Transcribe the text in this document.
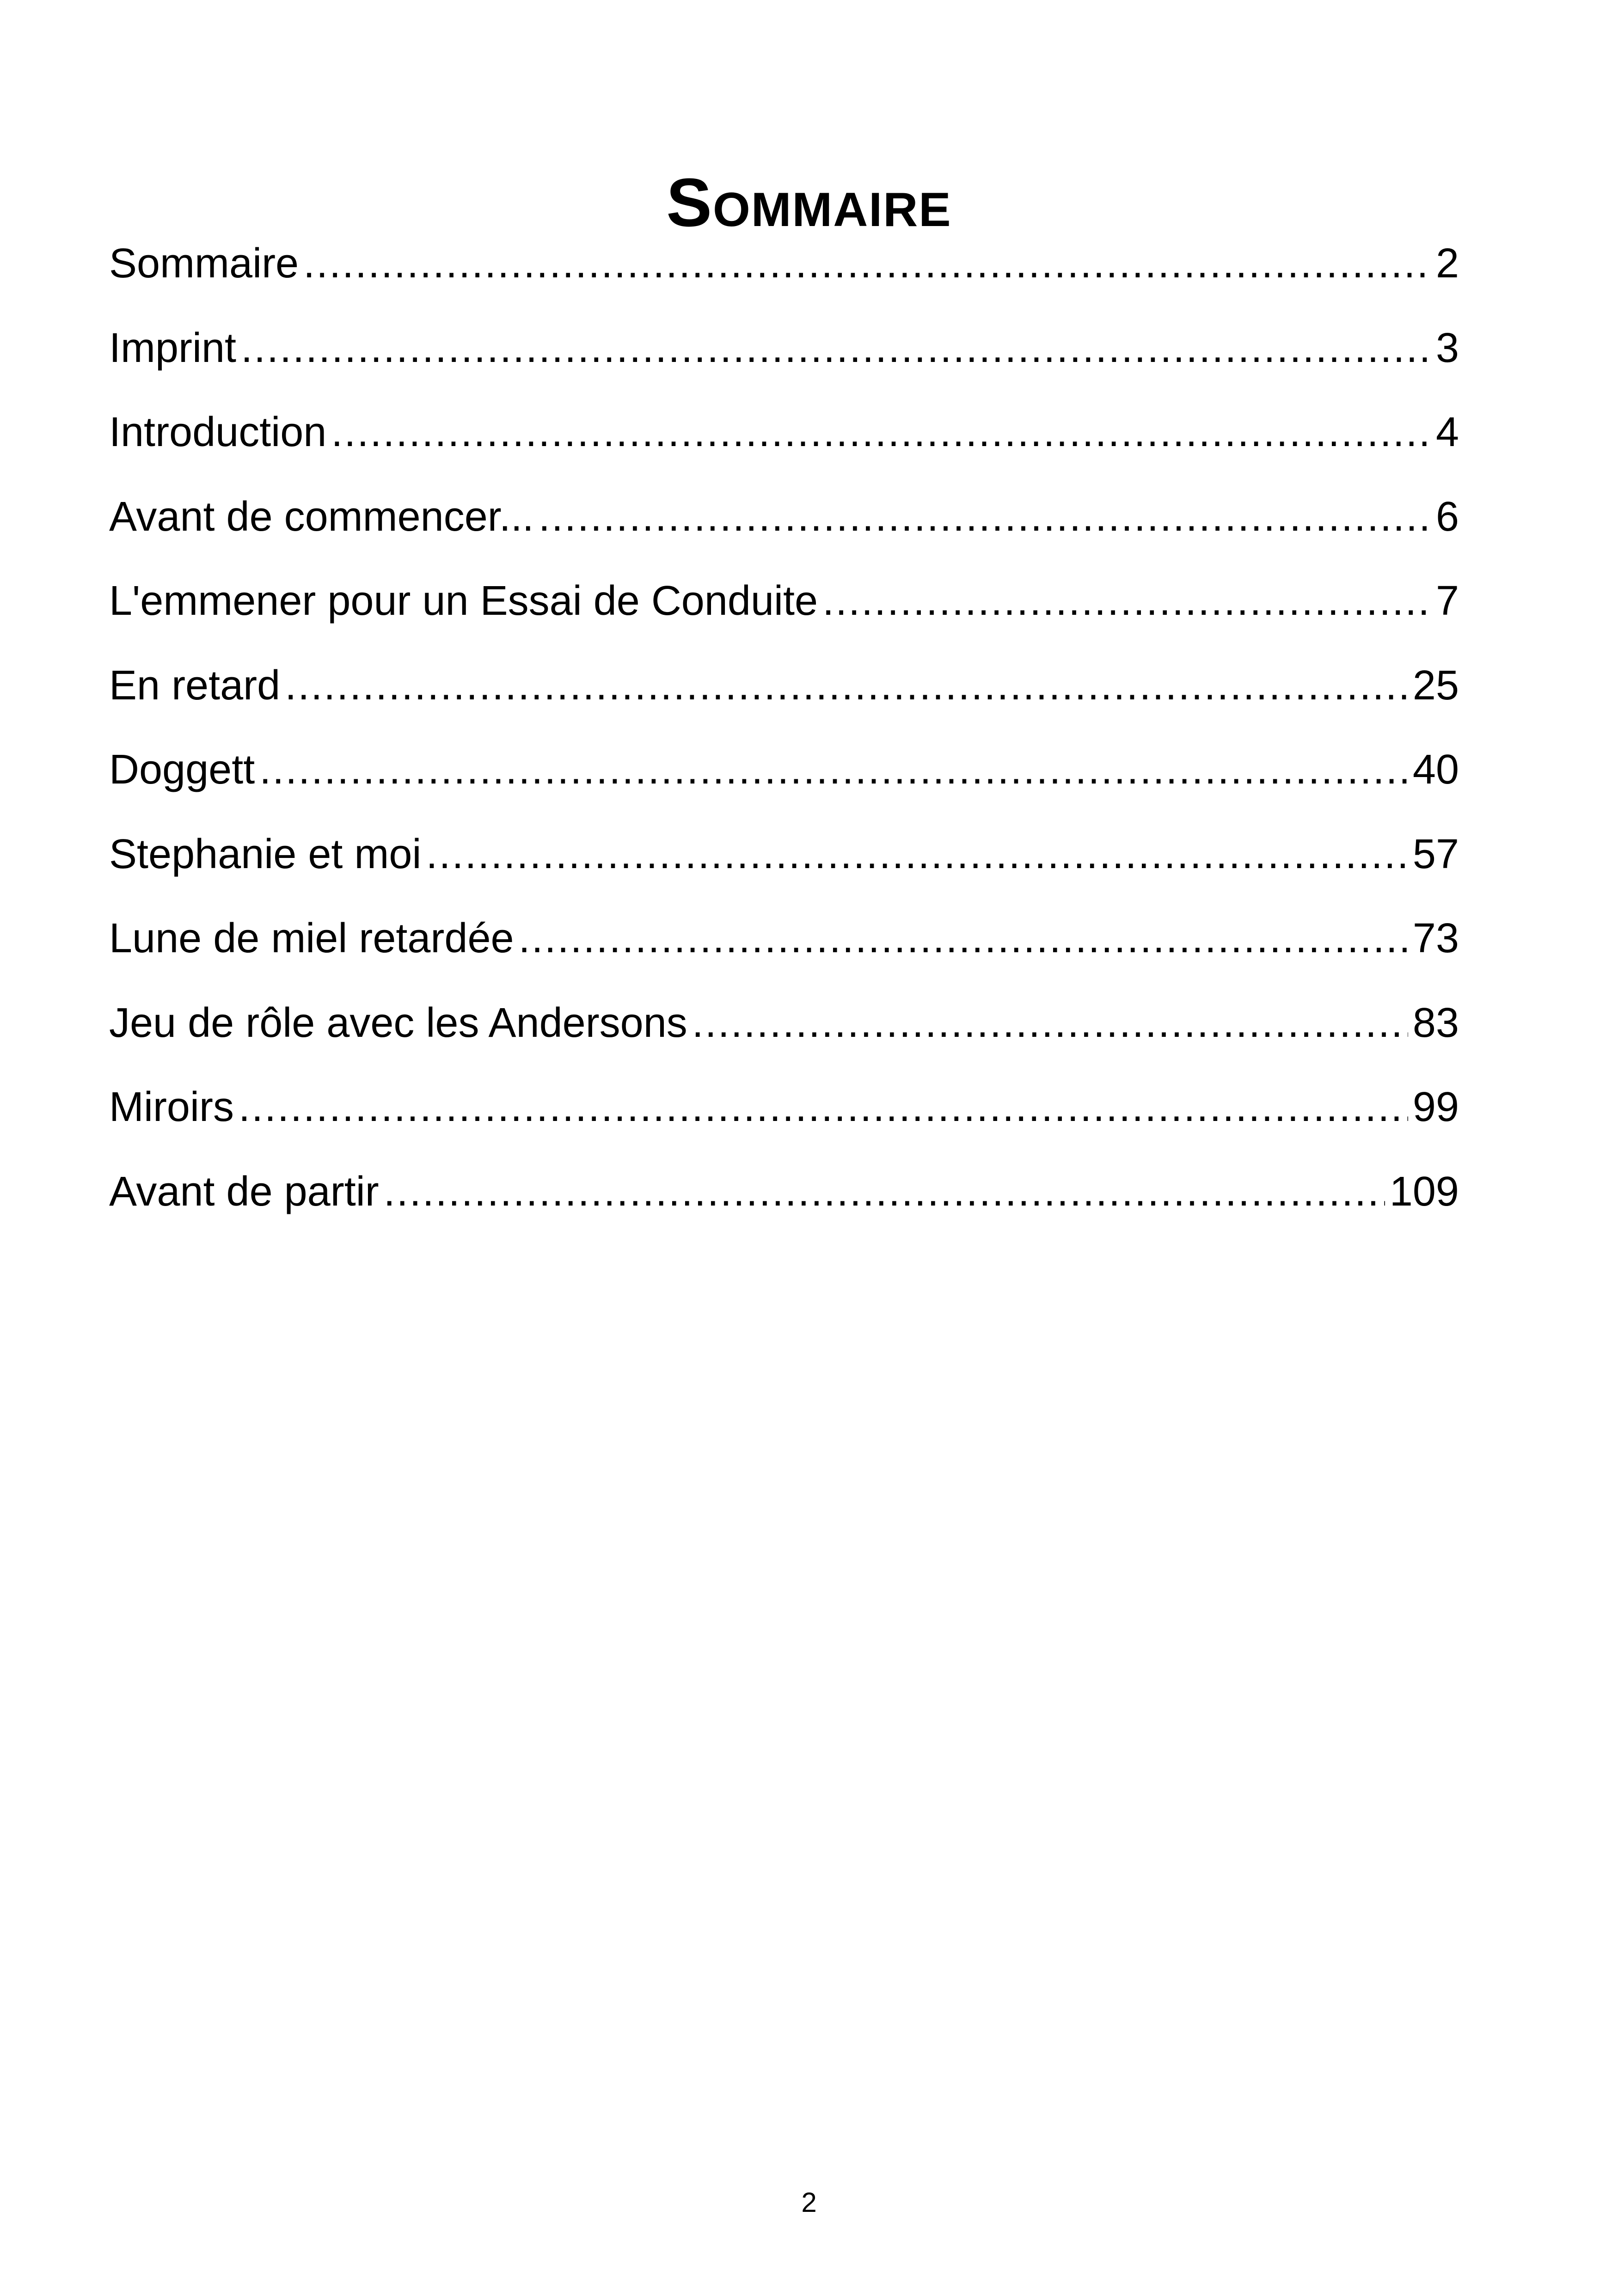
Sommaire
Sommaire .....	2
Imprint .....	3
Introduction .....	4
Avant de commencer... .....	6
L'emmener pour un Essai de Conduite .....	7
En retard .....	25
Doggett .....	40
Stephanie et moi .....	57
Lune de miel retardée .....	73
Jeu de rôle avec les Andersons .....	83
Miroirs .....	99
Avant de partir .....	109
2
